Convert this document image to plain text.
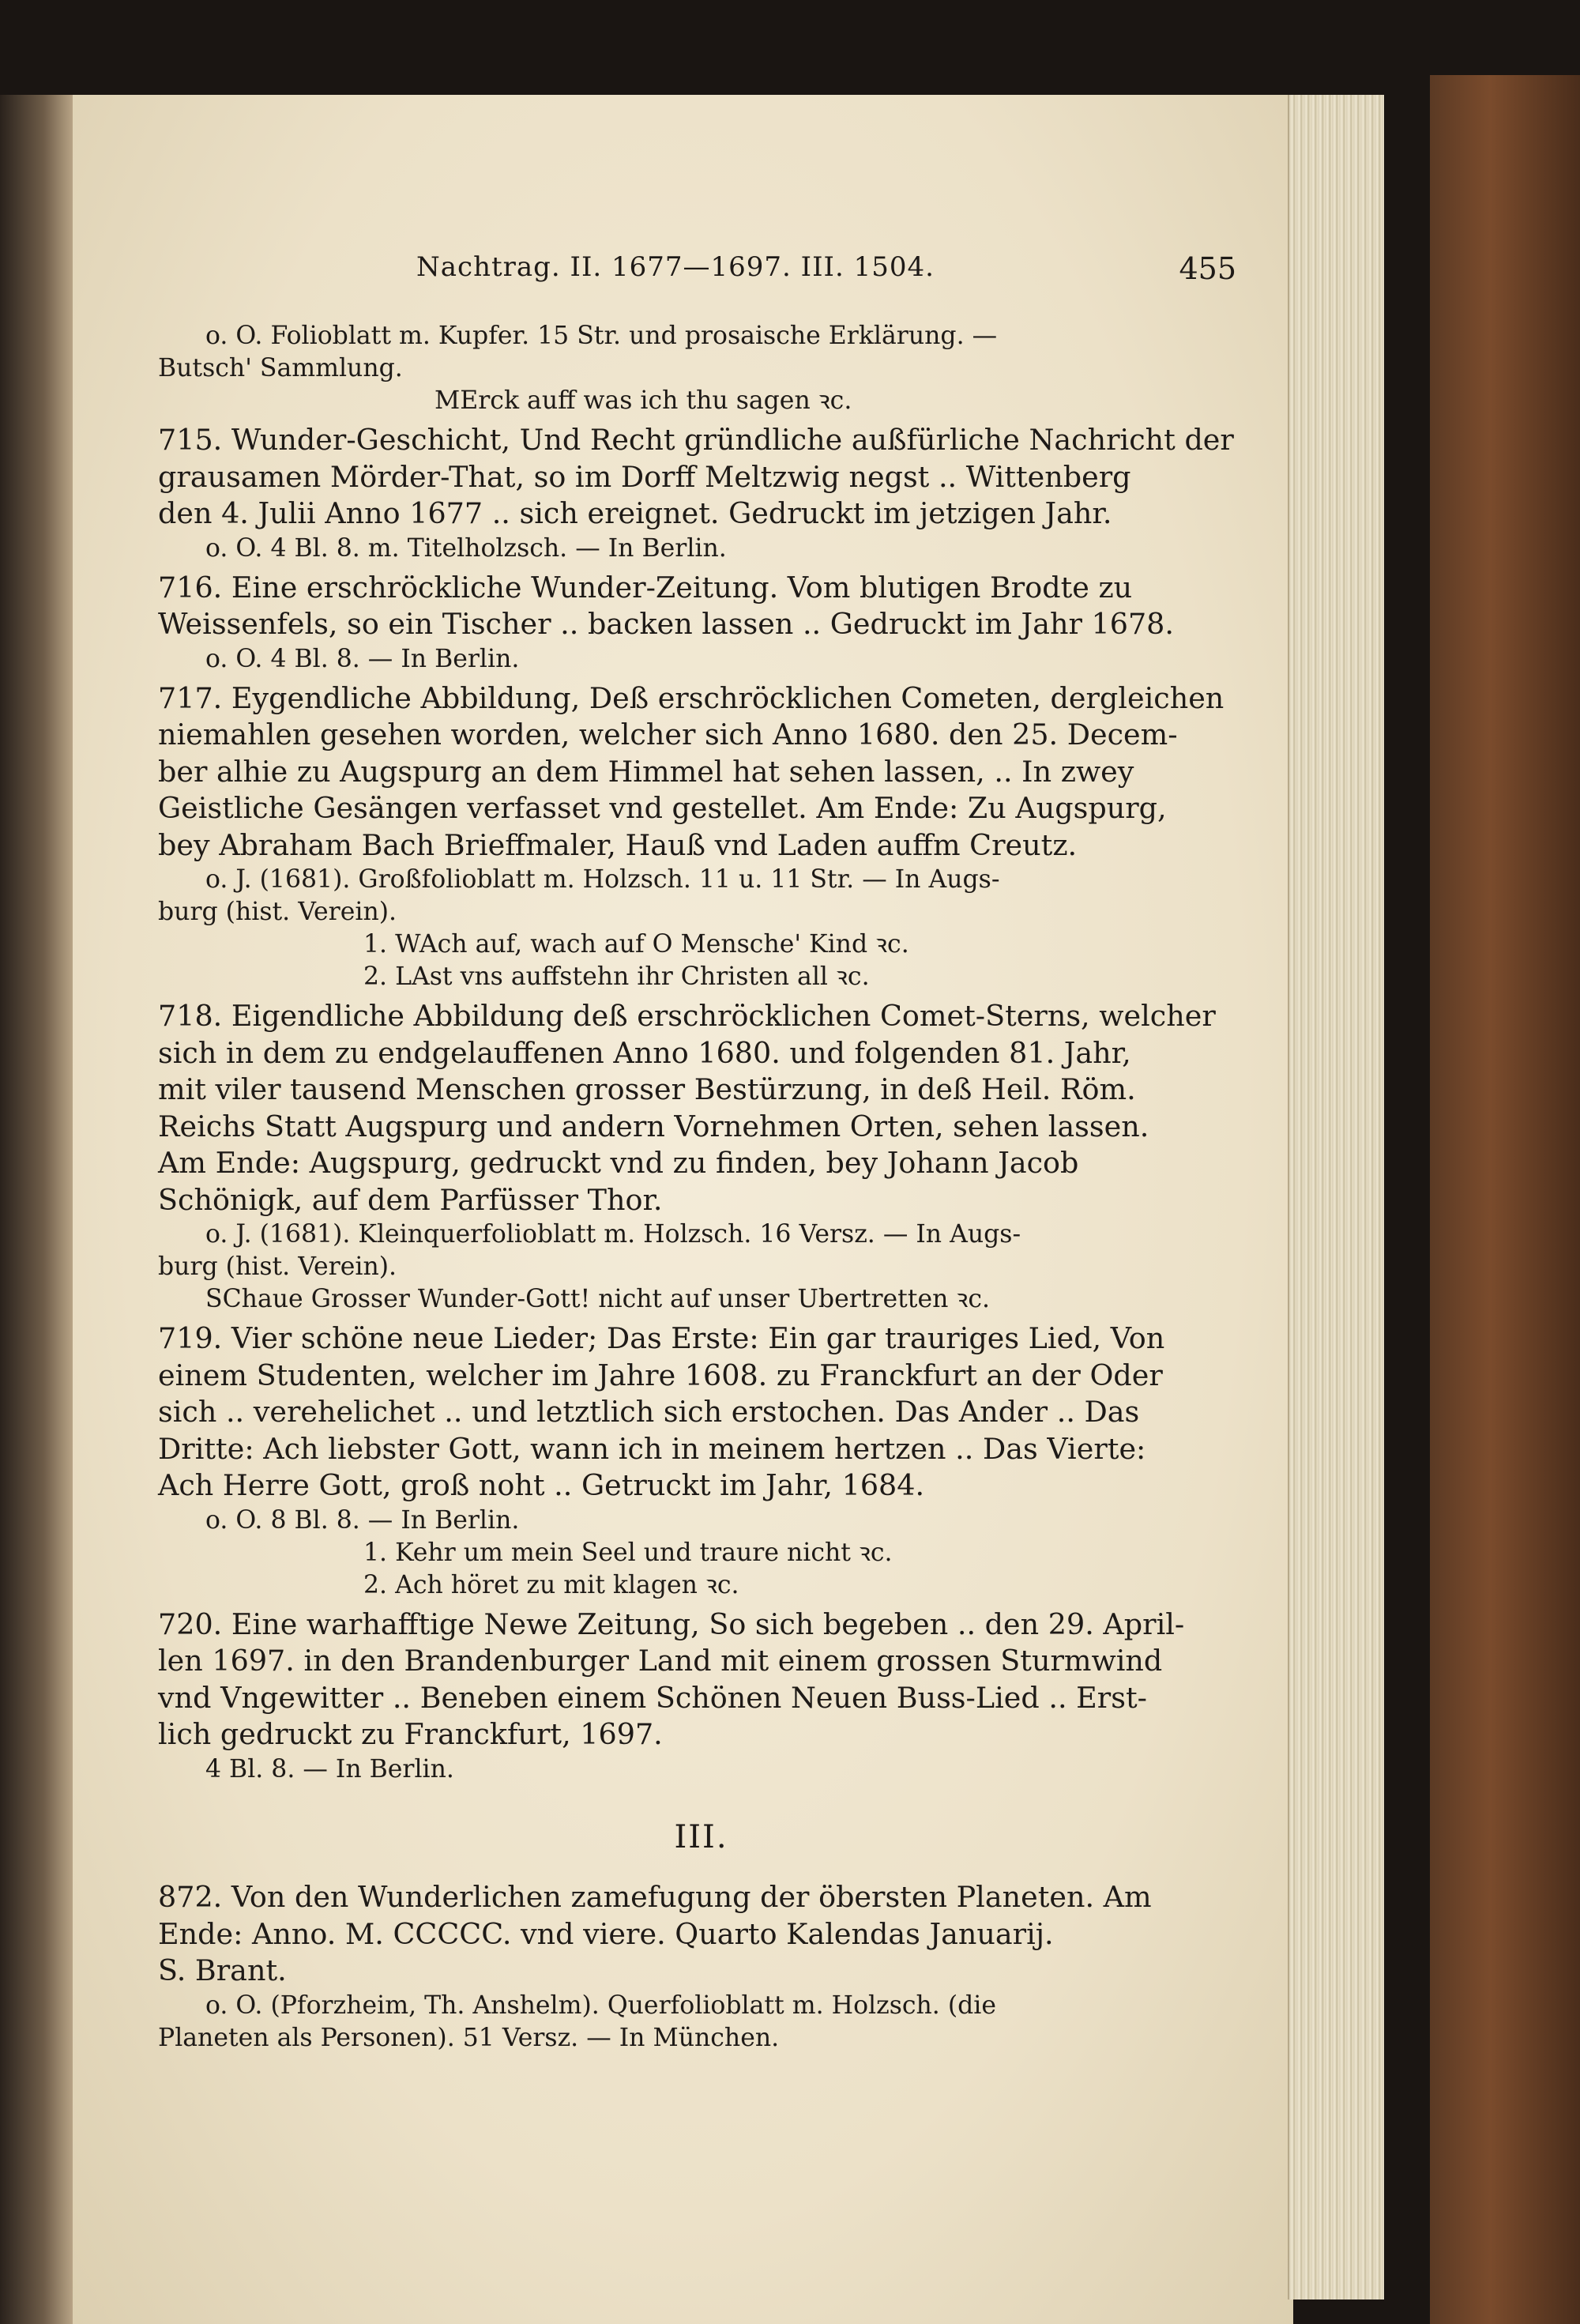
Nachtrag. II. 1677—1697. III. 1504.	455
o. O. Folioblatt m. Kupfer. 15 Str. und prosaische Erklärung. —
Butsch' Sammlung.
MErck auff was ich thu sagen ꝛc.
715. Wunder-Geschicht, Und Recht gründliche außfürliche Nachricht der
grausamen Mörder-That, so im Dorff Meltzwig negst .. Wittenberg
den 4. Julii Anno 1677 .. sich ereignet. Gedruckt im jetzigen Jahr.
o. O. 4 Bl. 8. m. Titelholzsch. — In Berlin.
716. Eine erschröckliche Wunder-Zeitung. Vom blutigen Brodte zu
Weissenfels, so ein Tischer .. backen lassen .. Gedruckt im Jahr 1678.
o. O. 4 Bl. 8. — In Berlin.
717. Eygendliche Abbildung, Deß erschröcklichen Cometen, dergleichen
niemahlen gesehen worden, welcher sich Anno 1680. den 25. Decem-
ber alhie zu Augspurg an dem Himmel hat sehen lassen, .. In zwey
Geistliche Gesängen verfasset vnd gestellet. Am Ende: Zu Augspurg,
bey Abraham Bach Brieffmaler, Hauß vnd Laden auffm Creutz.
o. J. (1681). Großfolioblatt m. Holzsch. 11 u. 11 Str. — In Augs-
burg (hist. Verein).
1. WAch auf, wach auf O Mensche' Kind ꝛc.
2. LAst vns auffstehn ihr Christen all ꝛc.
718. Eigendliche Abbildung deß erschröcklichen Comet-Sterns, welcher
sich in dem zu endgelauffenen Anno 1680. und folgenden 81. Jahr,
mit viler tausend Menschen grosser Bestürzung, in deß Heil. Röm.
Reichs Statt Augspurg und andern Vornehmen Orten, sehen lassen.
Am Ende: Augspurg, gedruckt vnd zu finden, bey Johann Jacob
Schönigk, auf dem Parfüsser Thor.
o. J. (1681). Kleinquerfolioblatt m. Holzsch. 16 Versz. — In Augs-
burg (hist. Verein).
SChaue Grosser Wunder-Gott! nicht auf unser Ubertretten ꝛc.
719. Vier schöne neue Lieder; Das Erste: Ein gar trauriges Lied, Von
einem Studenten, welcher im Jahre 1608. zu Franckfurt an der Oder
sich .. verehelichet .. und letztlich sich erstochen. Das Ander .. Das
Dritte: Ach liebster Gott, wann ich in meinem hertzen .. Das Vierte:
Ach Herre Gott, groß noht .. Getruckt im Jahr, 1684.
o. O. 8 Bl. 8. — In Berlin.
1. Kehr um mein Seel und traure nicht ꝛc.
2. Ach höret zu mit klagen ꝛc.
720. Eine warhafftige Newe Zeitung, So sich begeben .. den 29. April-
len 1697. in den Brandenburger Land mit einem grossen Sturmwind
vnd Vngewitter .. Beneben einem Schönen Neuen Buss-Lied .. Erst-
lich gedruckt zu Franckfurt, 1697.
4 Bl. 8. — In Berlin.
III.
872. Von den Wunderlichen zamefugung der öbersten Planeten. Am
Ende: Anno. M. CCCCC. vnd viere. Quarto Kalendas Januarij.
S. Brant.
o. O. (Pforzheim, Th. Anshelm). Querfolioblatt m. Holzsch. (die
Planeten als Personen). 51 Versz. — In München.
